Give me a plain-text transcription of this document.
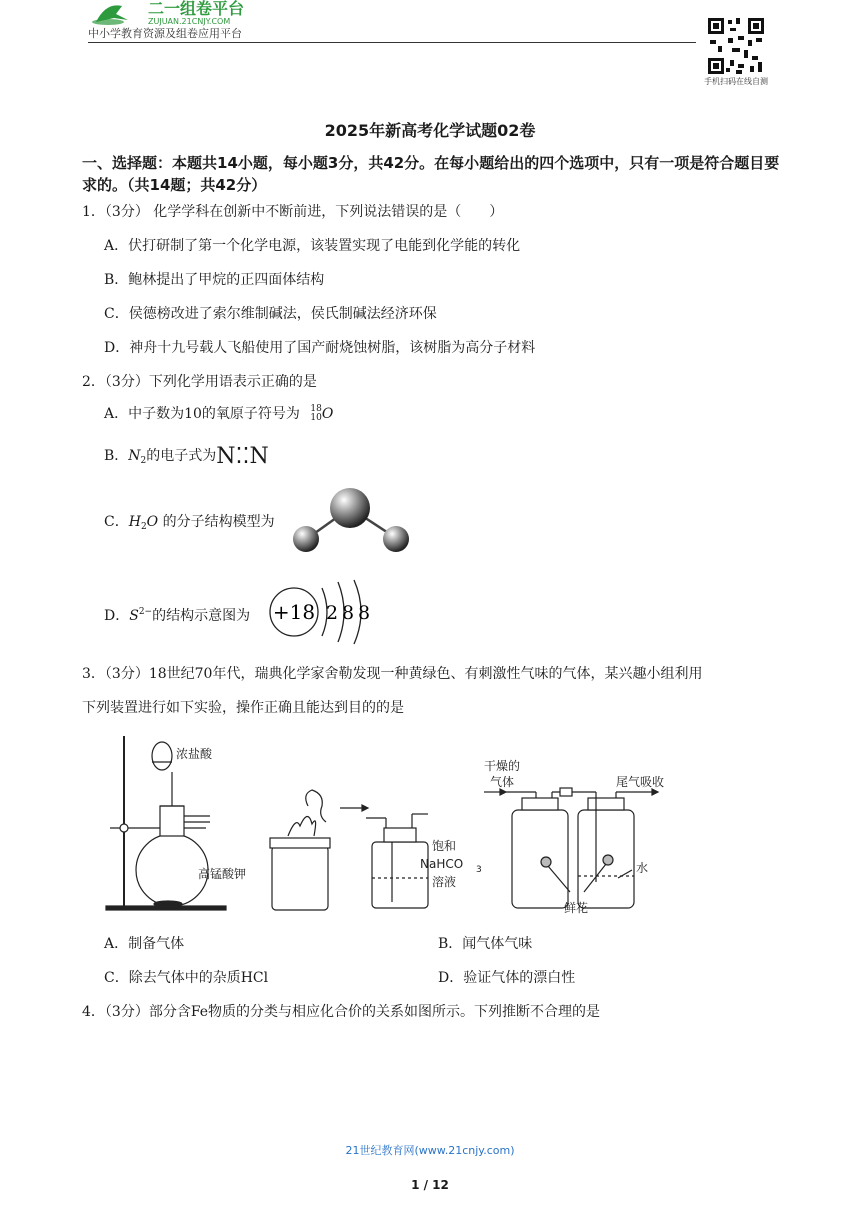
二一组卷平台
ZUJUAN.21CNJY.COM
中小学教育资源及组卷应用平台
手机扫码在线自测
2025年新高考化学试题02卷
一、选择题：本题共14小题，每小题3分，共42分。在每小题给出的四个选项中，只有一项是符合题目要求的。（共14题；共42分）
1．（3分） 化学学科在创新中不断前进，下列说法错误的是（　　）
A．伏打研制了第一个化学电源，该装置实现了电能到化学能的转化
B．鲍林提出了甲烷的正四面体结构
C．侯德榜改进了索尔维制碱法，侯氏制碱法经济环保
D．神舟十九号载人飞船使用了国产耐烧蚀树脂，该树脂为高分子材料
2．（3分）下列化学用语表示正确的是
A．中子数为10的氧原子符号为 18
10 O
B．$N_2$的电子式为N⁚⁚N
C．$H_2O$ 的分子结构模型为
D．$S^{2-}$的结构示意图为 +18 2 8 8
3．（3分）18世纪70年代，瑞典化学家舍勒发现一种黄绿色、有刺激性气味的气体，某兴趣小组利用
下列装置进行如下实验，操作正确且能达到目的的是
浓盐酸
高锰酸钾
饱和
NaHCO 3
溶液
干燥的
气体	尾气吸收
水
鲜花
A．制备气体	B．闻气体气味
C．除去气体中的杂质HCl	D．验证气体的漂白性
4．（3分）部分含Fe物质的分类与相应化合价的关系如图所示。下列推断不合理的是
21世纪教育网(www.21cnjy.com)
1 / 12
